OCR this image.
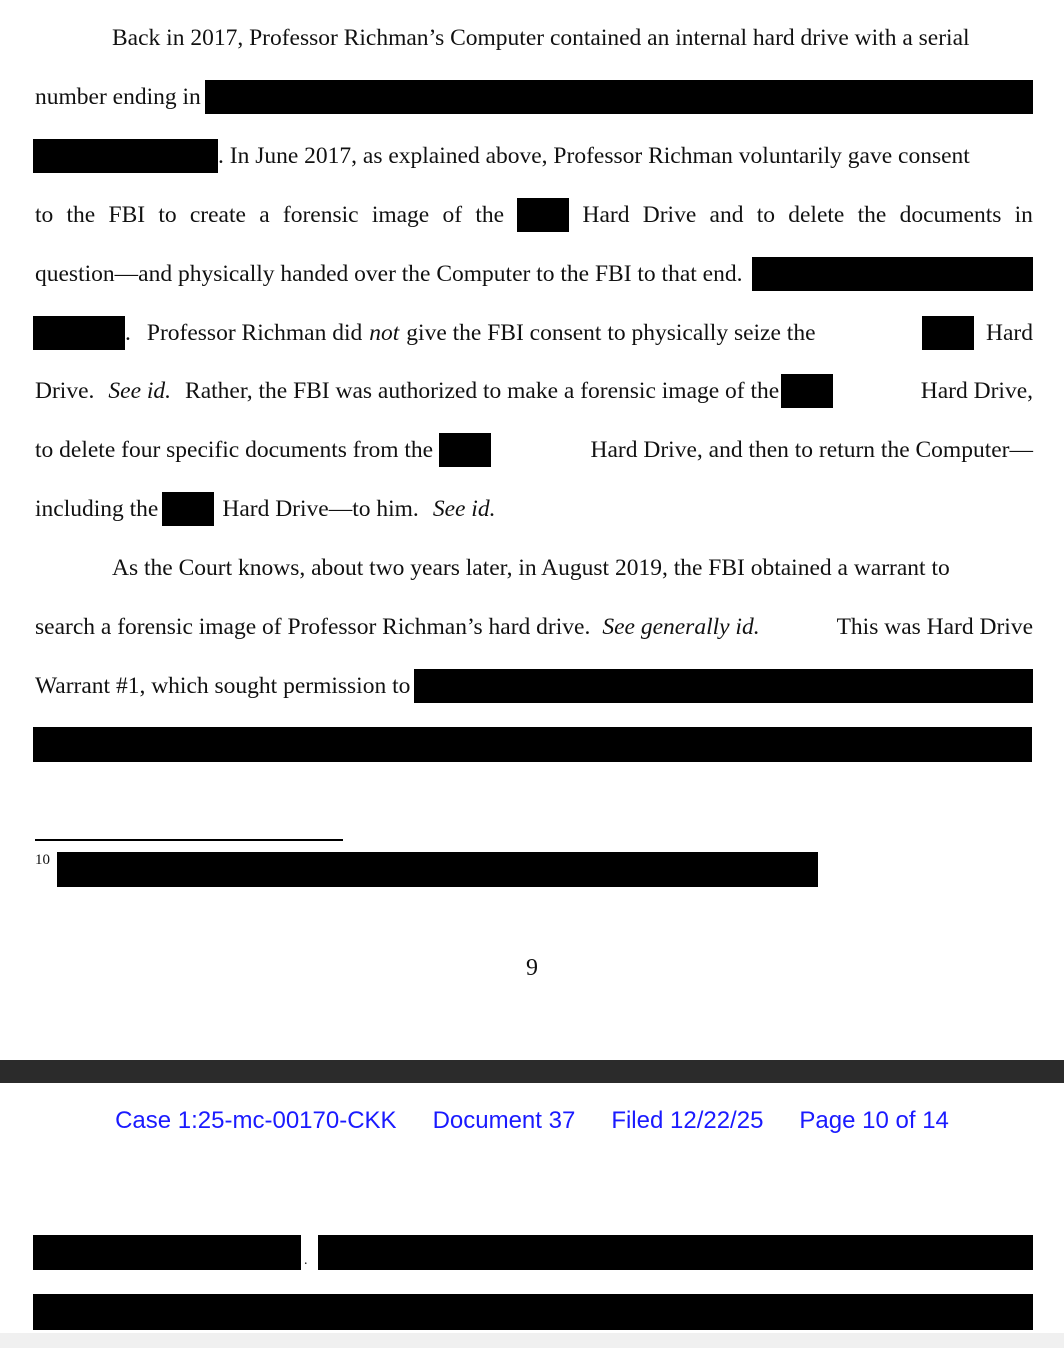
Back in 2017, Professor Richman’s Computer contained an internal hard drive with a serial
number ending in
. In June 2017, as explained above, Professor Richman voluntarily gave consent
to the FBI to create a forensic image of the	Hard Drive and to delete the documents in
question—and physically handed over the Computer to the FBI to that end.
. Professor Richman did not give the FBI consent to physically seize the	Hard
Drive. See id. Rather, the FBI was authorized to make a forensic image of the	Hard Drive,
to delete four specific documents from the	Hard Drive, and then to return the Computer—
including the	Hard Drive—to him. See id.
As the Court knows, about two years later, in August 2019, the FBI obtained a warrant to
search a forensic image of Professor Richman’s hard drive. See generally id.	This was Hard Drive
Warrant #1, which sought permission to
10
9
Case 1:25-mc-00170-CKK Document 37 Filed 12/22/25 Page 10 of 14
.
